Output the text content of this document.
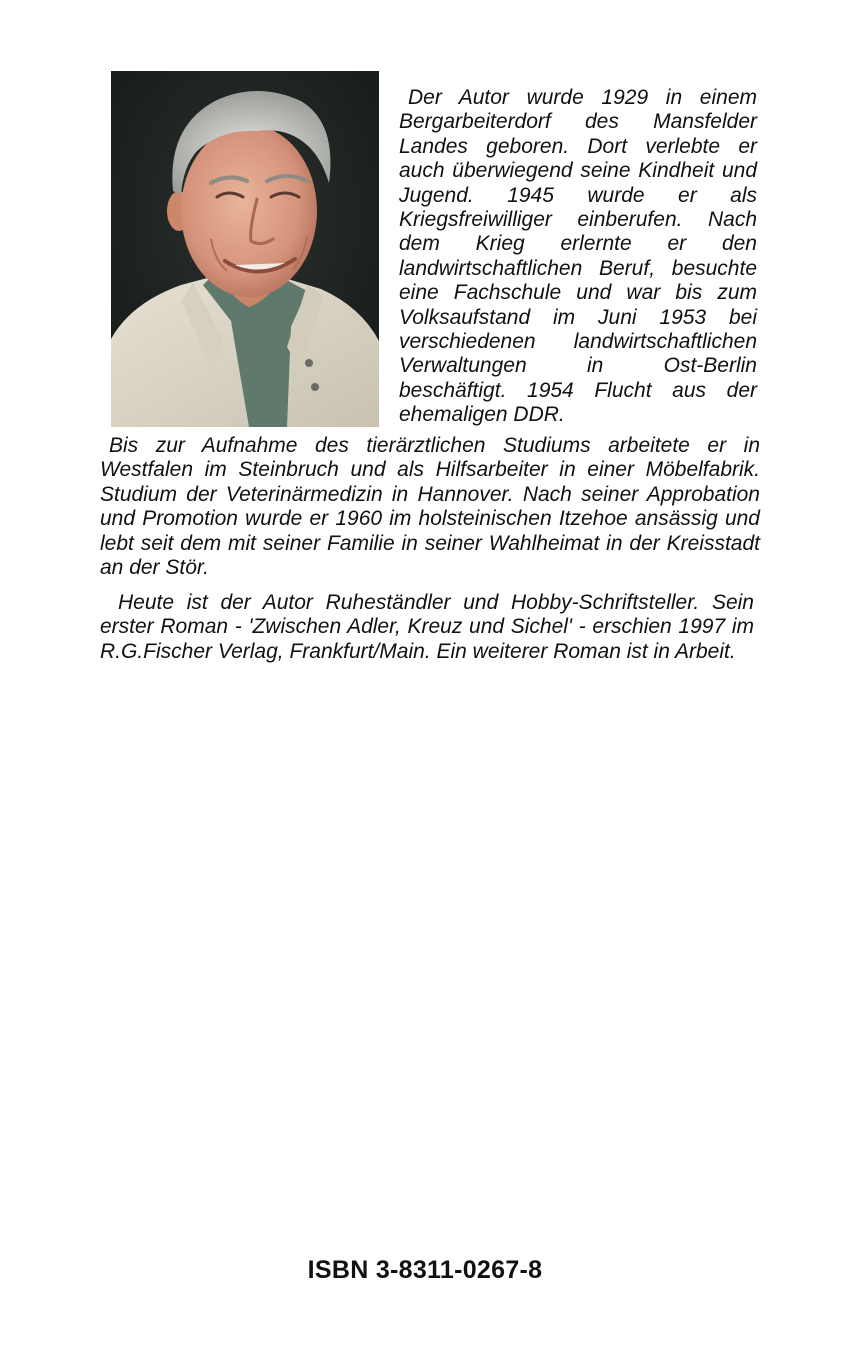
Der Autor wurde 1929 in einem Bergarbeiterdorf des Mansfelder Landes geboren. Dort verlebte er auch überwiegend seine Kindheit und Jugend. 1945 wurde er als Kriegsfreiwilliger einberufen. Nach dem Krieg erlernte er den landwirtschaftlichen Beruf, besuchte eine Fachschule und war bis zum Volksaufstand im Juni 1953 bei verschiedenen landwirtschaftlichen Verwaltungen in Ost-Berlin beschäftigt. 1954 Flucht aus der ehemaligen DDR.

Bis zur Aufnahme des tierärztlichen Studiums arbeitete er in Westfalen im Steinbruch und als Hilfsarbeiter in einer Möbelfabrik. Studium der Veterinärmedizin in Hannover. Nach seiner Approbation und Promotion wurde er 1960 im holsteinischen Itzehoe ansässig und lebt seit dem mit seiner Familie in seiner Wahlheimat in der Kreisstadt an der Stör.

Heute ist der Autor Ruheständler und Hobby-Schriftsteller. Sein erster Roman - 'Zwischen Adler, Kreuz und Sichel' - erschien 1997 im R.G.Fischer Verlag, Frankfurt/Main. Ein weiterer Roman ist in Arbeit.

ISBN 3-8311-0267-8
